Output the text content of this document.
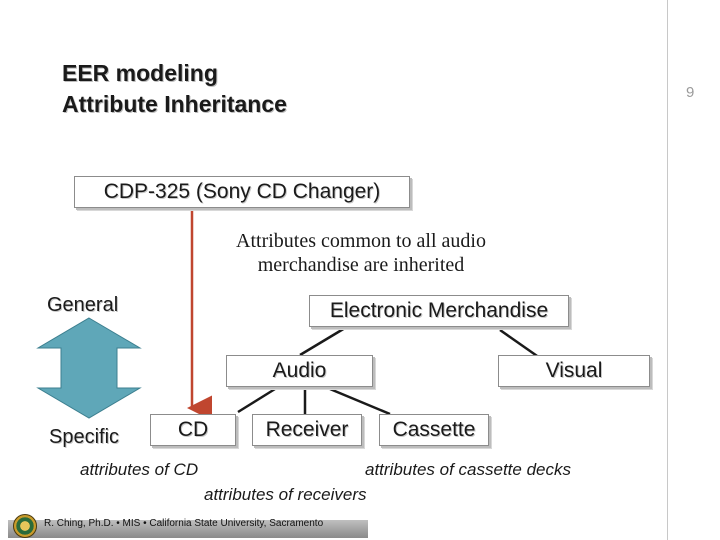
EER modeling
Attribute Inheritance	9
CDP-325 (Sony CD Changer)
Attributes common to all audio
merchandise are inherited
General
Specific
Electronic Merchandise
Audio	Visual
CD	Receiver	Cassette
attributes of CD	attributes of cassette decks
attributes of receivers
R. Ching, Ph.D. • MIS • California State University, Sacramento
